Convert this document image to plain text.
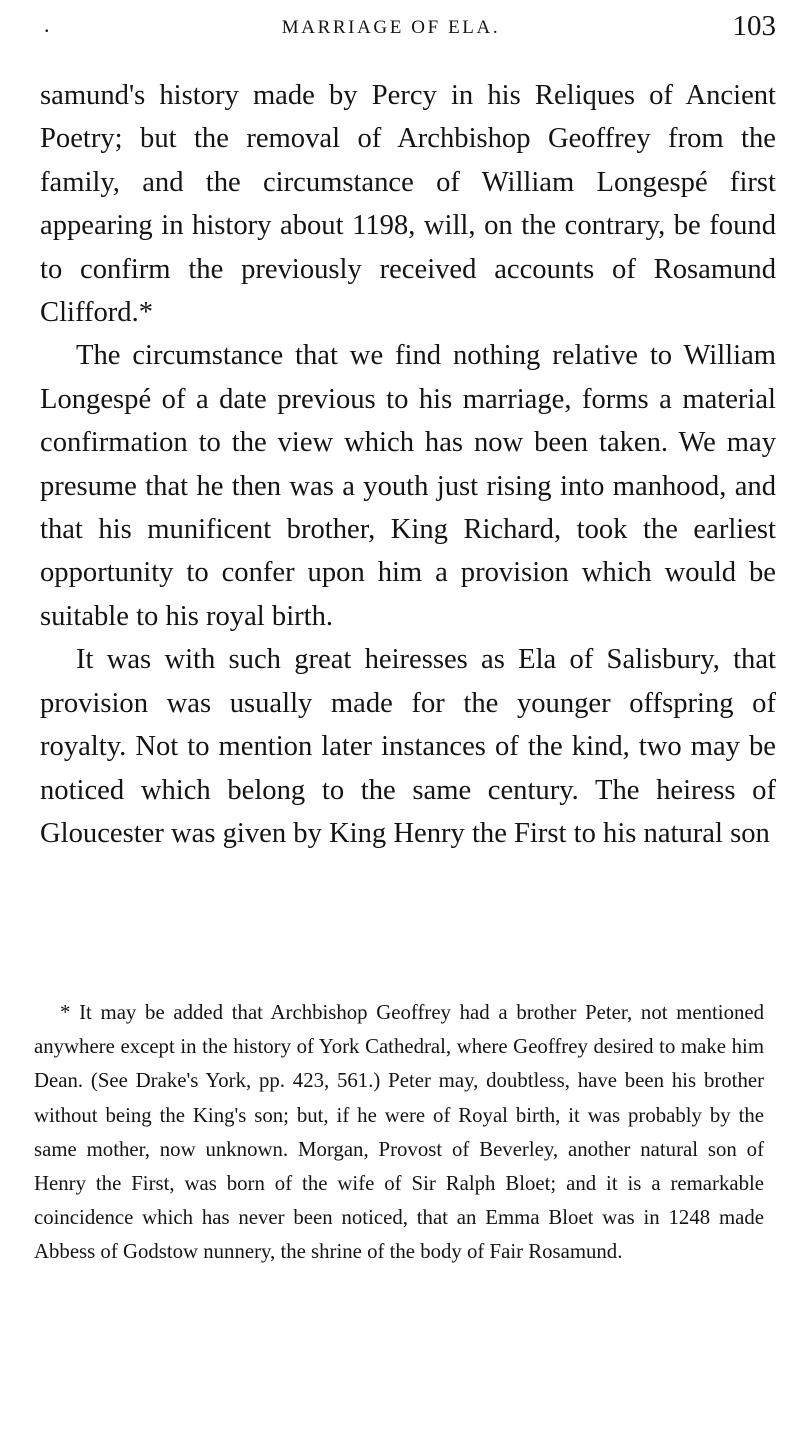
.	MARRIAGE OF ELA.	103

samund's history made by Percy in his Reliques of Ancient Poetry; but the removal of Archbishop Geoffrey from the family, and the circumstance of William Longespé first appearing in history about 1198, will, on the contrary, be found to confirm the previously received accounts of Rosamund Clifford.*

The circumstance that we find nothing relative to William Longespé of a date previous to his marriage, forms a material confirmation to the view which has now been taken. We may presume that he then was a youth just rising into manhood, and that his munificent brother, King Richard, took the earliest opportunity to confer upon him a provision which would be suitable to his royal birth.

It was with such great heiresses as Ela of Salisbury, that provision was usually made for the younger offspring of royalty. Not to mention later instances of the kind, two may be noticed which belong to the same century. The heiress of Gloucester was given by King Henry the First to his natural son

* It may be added that Archbishop Geoffrey had a brother Peter, not mentioned anywhere except in the history of York Cathedral, where Geoffrey desired to make him Dean. (See Drake's York, pp. 423, 561.) Peter may, doubtless, have been his brother without being the King's son; but, if he were of Royal birth, it was probably by the same mother, now unknown. Morgan, Provost of Beverley, another natural son of Henry the First, was born of the wife of Sir Ralph Bloet; and it is a remarkable coincidence which has never been noticed, that an Emma Bloet was in 1248 made Abbess of Godstow nunnery, the shrine of the body of Fair Rosamund.
